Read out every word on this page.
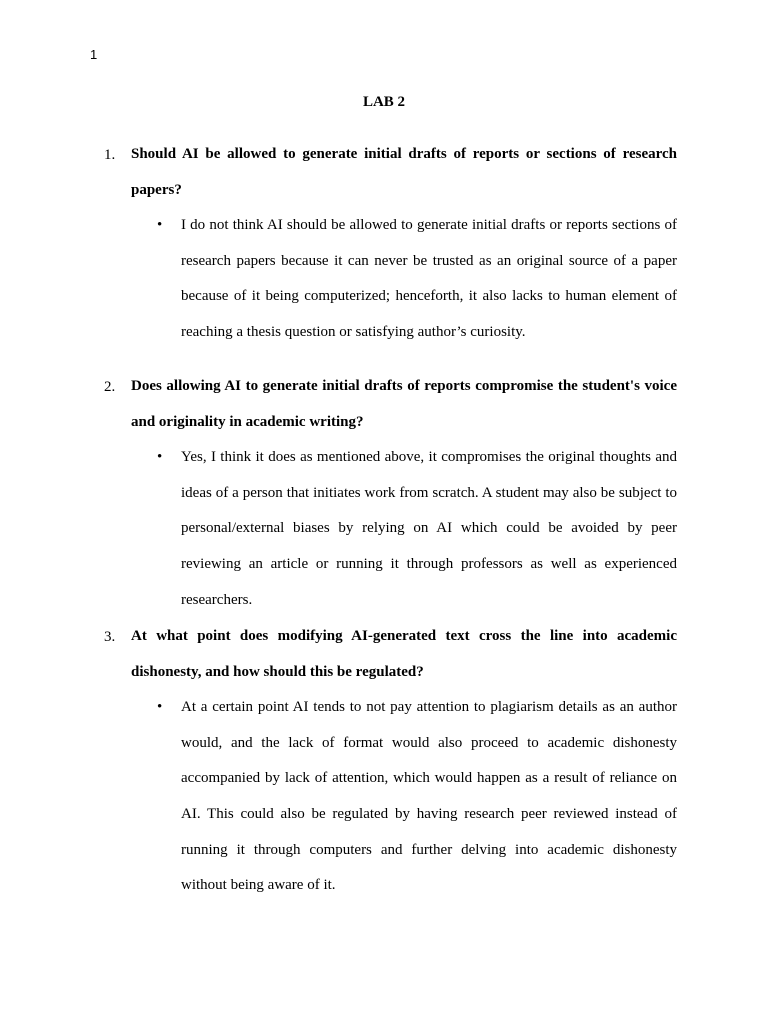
1
LAB 2
1. Should AI be allowed to generate initial drafts of reports or sections of research papers?
• I do not think AI should be allowed to generate initial drafts or reports sections of research papers because it can never be trusted as an original source of a paper because of it being computerized; henceforth, it also lacks to human element of reaching a thesis question or satisfying author’s curiosity.
2. Does allowing AI to generate initial drafts of reports compromise the student's voice and originality in academic writing?
• Yes, I think it does as mentioned above, it compromises the original thoughts and ideas of a person that initiates work from scratch. A student may also be subject to personal/external biases by relying on AI which could be avoided by peer reviewing an article or running it through professors as well as experienced researchers.
3. At what point does modifying AI-generated text cross the line into academic dishonesty, and how should this be regulated?
• At a certain point AI tends to not pay attention to plagiarism details as an author would, and the lack of format would also proceed to academic dishonesty accompanied by lack of attention, which would happen as a result of reliance on AI. This could also be regulated by having research peer reviewed instead of running it through computers and further delving into academic dishonesty without being aware of it.
